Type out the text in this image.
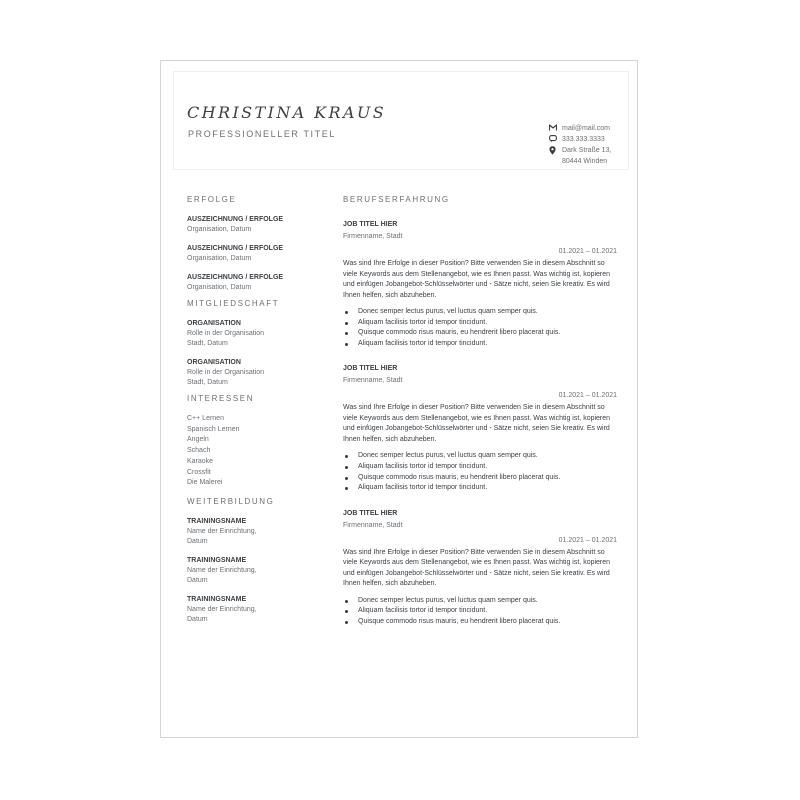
CHRISTINA KRAUS
PROFESSIONELLER TITEL
mail@mail.com
333.333.3333
Dark Straße 13,
80444 Winden
ERFOLGE
AUSZEICHNUNG / ERFOLGE
Organisation, Datum
AUSZEICHNUNG / ERFOLGE
Organisation, Datum
AUSZEICHNUNG / ERFOLGE
Organisation, Datum
MITGLIEDSCHAFT
ORGANISATION
Rolle in der Organisation
Stadt, Datum
ORGANISATION
Rolle in der Organisation
Stadt, Datum
INTERESSEN
C++ Lernen
Spanisch Lernen
Angeln
Schach
Karaoke
Crossfit
Die Malerei
WEITERBILDUNG
TRAININGSNAME
Name der Einrichtung,
Datum
TRAININGSNAME
Name der Einrichtung,
Datum
TRAININGSNAME
Name der Einrichtung,
Datum
BERUFSERFAHRUNG
JOB TITEL HIER
Firmenname, Stadt
01.2021 – 01.2021
Was sind Ihre Erfolge in dieser Position? Bitte verwenden Sie in diesem Abschnitt so viele Keywords aus dem Stellenangebot, wie es Ihnen passt. Was wichtig ist, kopieren und einfügen Jobangebot-Schlüsselwörter und - Sätze nicht, seien Sie kreativ. Es wird Ihnen helfen, sich abzuheben.
Donec semper lectus purus, vel luctus quam semper quis.
Aliquam facilisis tortor id tempor tincidunt.
Quisque commodo risus mauris, eu hendrerit libero placerat quis.
Aliquam facilisis tortor id tempor tincidunt.
JOB TITEL HIER
Firmenname, Stadt
01.2021 – 01.2021
Was sind Ihre Erfolge in dieser Position? Bitte verwenden Sie in diesem Abschnitt so viele Keywords aus dem Stellenangebot, wie es Ihnen passt. Was wichtig ist, kopieren und einfügen Jobangebot-Schlüsselwörter und - Sätze nicht, seien Sie kreativ. Es wird Ihnen helfen, sich abzuheben.
Donec semper lectus purus, vel luctus quam semper quis.
Aliquam facilisis tortor id tempor tincidunt.
Quisque commodo risus mauris, eu hendrerit libero placerat quis.
Aliquam facilisis tortor id tempor tincidunt.
JOB TITEL HIER
Firmenname, Stadt
01.2021 – 01.2021
Was sind Ihre Erfolge in dieser Position? Bitte verwenden Sie in diesem Abschnitt so viele Keywords aus dem Stellenangebot, wie es Ihnen passt. Was wichtig ist, kopieren und einfügen Jobangebot-Schlüsselwörter und - Sätze nicht, seien Sie kreativ. Es wird Ihnen helfen, sich abzuheben.
Donec semper lectus purus, vel luctus quam semper quis.
Aliquam facilisis tortor id tempor tincidunt.
Quisque commodo risus mauris, eu hendrerit libero placerat quis.
